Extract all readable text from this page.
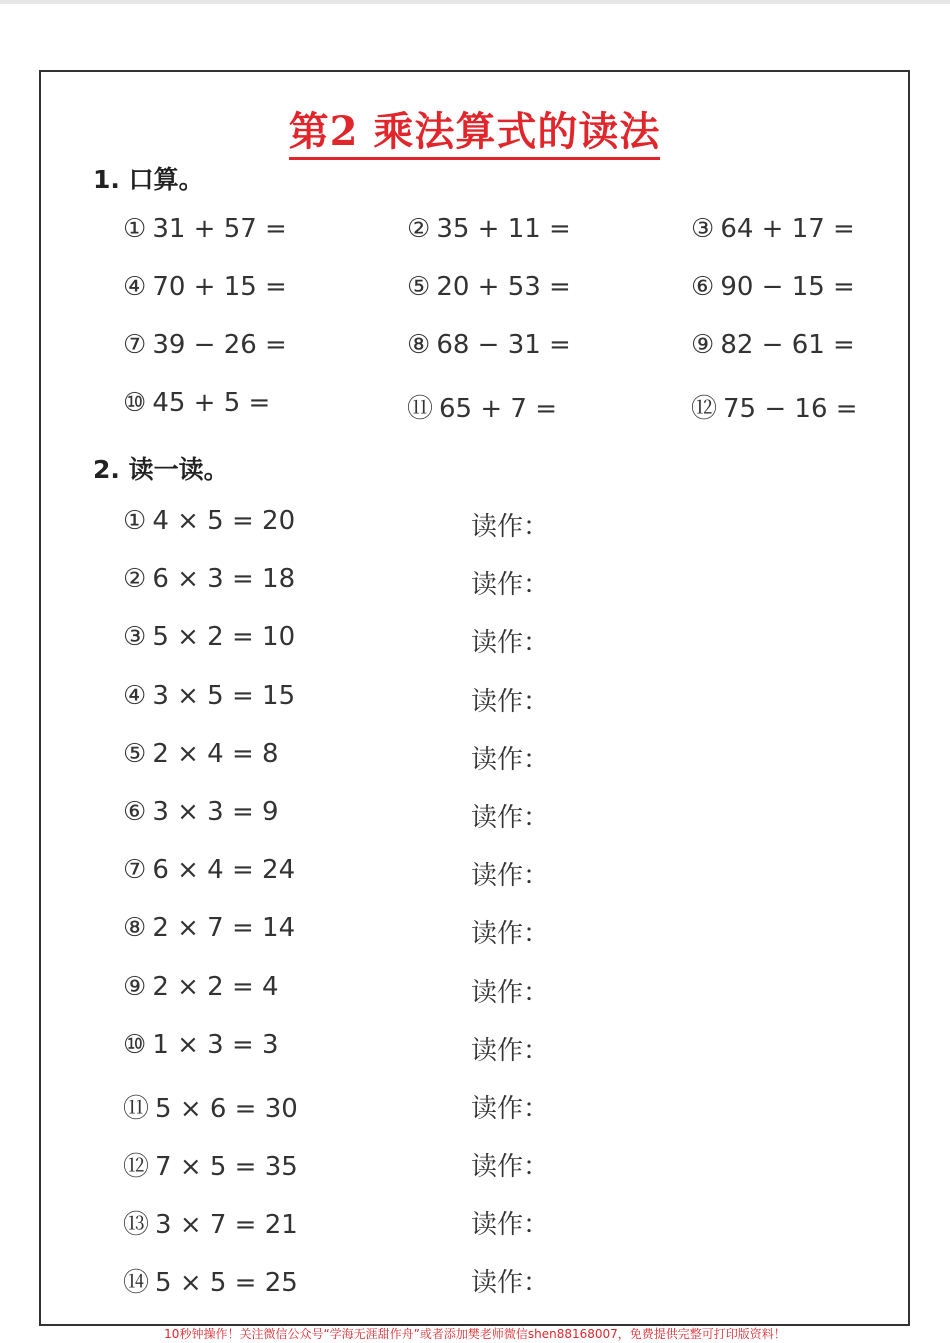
第2 乘法算式的读法
1. 口算。
① 31 + 57 =	② 35 + 11 =	③ 64 + 17 =
④ 70 + 15 =	⑤ 20 + 53 =	⑥ 90 − 15 =
⑦ 39 − 26 =	⑧ 68 − 31 =	⑨ 82 − 61 =
⑩ 45 + 5 =	⑪ 65 + 7 =	⑫ 75 − 16 =
2. 读一读。
① 4 × 5 = 20	读作：
② 6 × 3 = 18	读作：
③ 5 × 2 = 10	读作：
④ 3 × 5 = 15	读作：
⑤ 2 × 4 = 8	读作：
⑥ 3 × 3 = 9	读作：
⑦ 6 × 4 = 24	读作：
⑧ 2 × 7 = 14	读作：
⑨ 2 × 2 = 4	读作：
⑩ 1 × 3 = 3	读作：
⑪ 5 × 6 = 30	读作：
⑫ 7 × 5 = 35	读作：
⑬ 3 × 7 = 21	读作：
⑭ 5 × 5 = 25	读作：
10秒钟操作！关注微信公众号“学海无涯甜作舟”或者添加樊老师微信shen88168007，免费提供完整可打印版资料！
